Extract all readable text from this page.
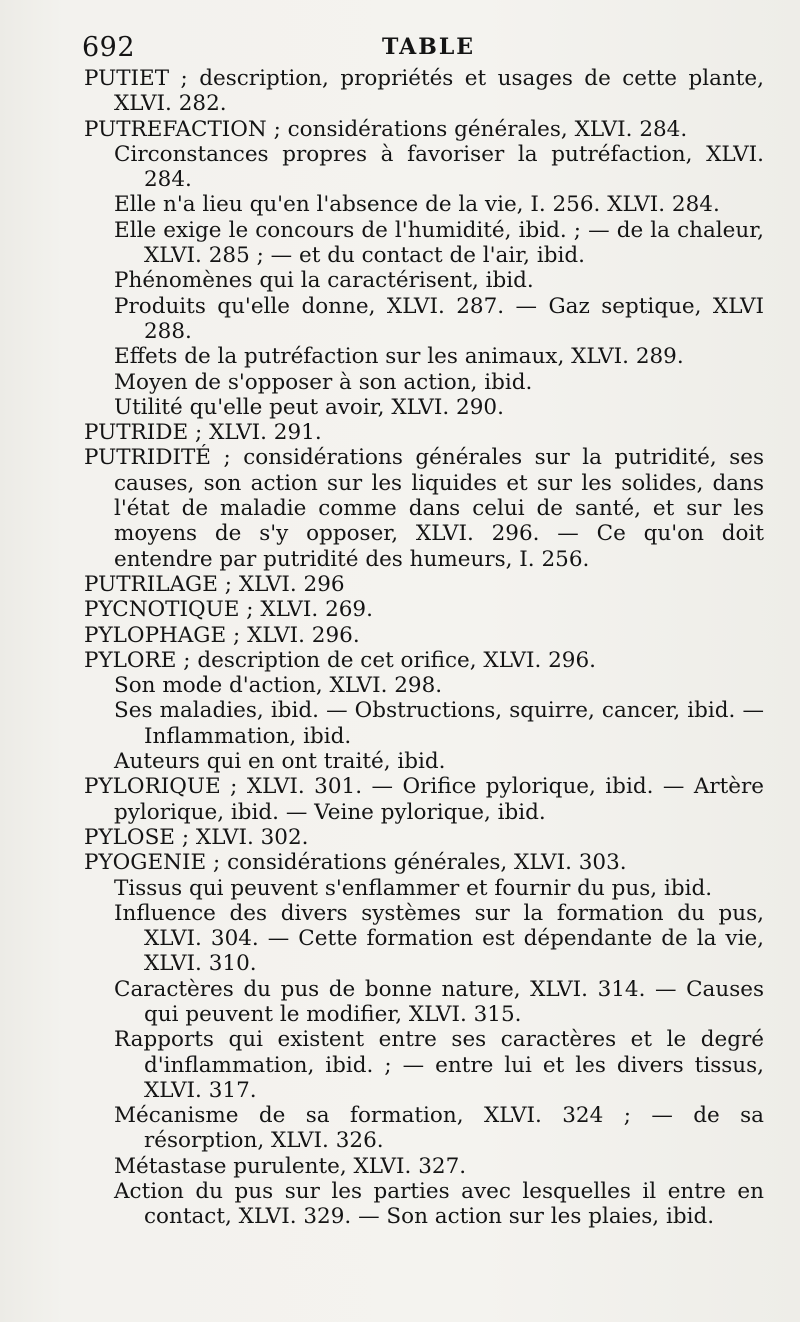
692	TABLE
PUTIET ; description, propriétés et usages de cette plante, XLVI. 282.
PUTREFACTION ; considérations générales, XLVI. 284.
Circonstances propres à favoriser la putréfaction, XLVI. 284.
Elle n'a lieu qu'en l'absence de la vie, I. 256. XLVI. 284.
Elle exige le concours de l'humidité, ibid. ; — de la chaleur, XLVI. 285 ; — et du contact de l'air, ibid.
Phénomènes qui la caractérisent, ibid.
Produits qu'elle donne, XLVI. 287. — Gaz septique, XLVI 288.
Effets de la putréfaction sur les animaux, XLVI. 289.
Moyen de s'opposer à son action, ibid.
Utilité qu'elle peut avoir, XLVI. 290.
PUTRIDE ; XLVI. 291.
PUTRIDITÉ ; considérations générales sur la putridité, ses causes, son action sur les liquides et sur les solides, dans l'état de maladie comme dans celui de santé, et sur les moyens de s'y opposer, XLVI. 296. — Ce qu'on doit entendre par putridité des humeurs, I. 256.
PUTRILAGE ; XLVI. 296
PYCNOTIQUE ; XLVI. 269.
PYLOPHAGE ; XLVI. 296.
PYLORE ; description de cet orifice, XLVI. 296.
Son mode d'action, XLVI. 298.
Ses maladies, ibid. — Obstructions, squirre, cancer, ibid. — Inflammation, ibid.
Auteurs qui en ont traité, ibid.
PYLORIQUE ; XLVI. 301. — Orifice pylorique, ibid. — Artère pylorique, ibid. — Veine pylorique, ibid.
PYLOSE ; XLVI. 302.
PYOGENIE ; considérations générales, XLVI. 303.
Tissus qui peuvent s'enflammer et fournir du pus, ibid.
Influence des divers systèmes sur la formation du pus, XLVI. 304. — Cette formation est dépendante de la vie, XLVI. 310.
Caractères du pus de bonne nature, XLVI. 314. — Causes qui peuvent le modifier, XLVI. 315.
Rapports qui existent entre ses caractères et le degré d'inflammation, ibid. ; — entre lui et les divers tissus, XLVI. 317.
Mécanisme de sa formation, XLVI. 324 ; — de sa résorption, XLVI. 326.
Métastase purulente, XLVI. 327.
Action du pus sur les parties avec lesquelles il entre en contact, XLVI. 329. — Son action sur les plaies, ibid.
